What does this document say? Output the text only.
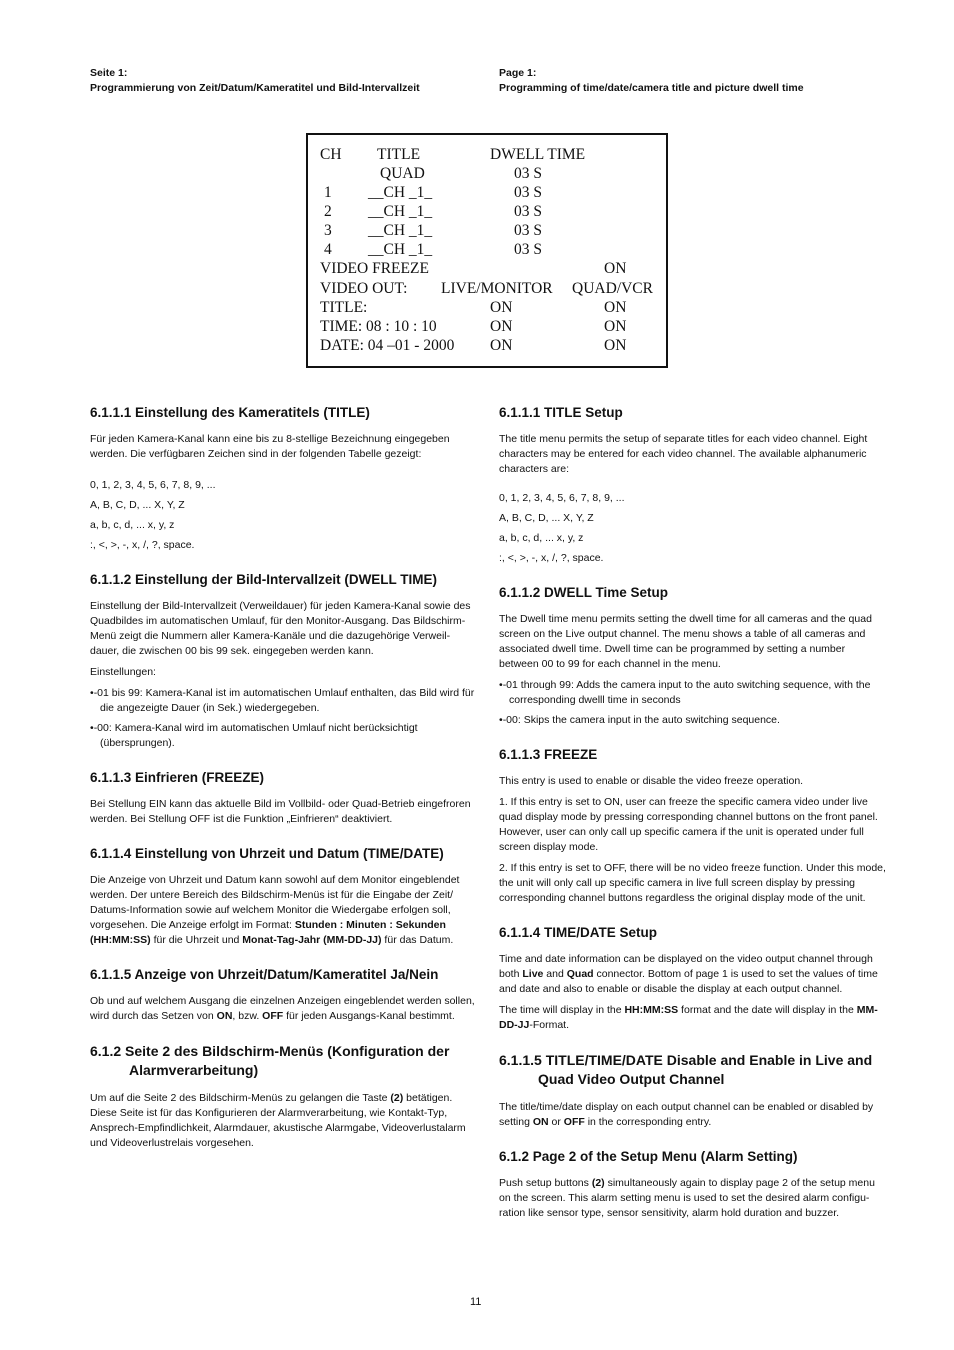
Seite 1:
Programmierung von Zeit/Datum/Kameratitel und Bild-Intervallzeit
Page 1:
Programming of time/date/camera title and picture dwell time
CH TITLE	DWELL TIME
QUAD	03 S
1 __CH _1_	03 S
2 __CH _1_	03 S
3 __CH _1_	03 S
4 __CH _1_	03 S
VIDEO FREEZE	ON
VIDEO OUT: LIVE/MONITOR QUAD/VCR
TITLE:	ON	ON
TIME: 08 : 10 : 10	ON	ON
DATE: 04 –01 - 2000 ON	ON
6.1.1.1 Einstellung des Kameratitels (TITLE)

Für jeden Kamera-Kanal kann eine bis zu 8-stellige Bezeichnung eingegeben werden. Die verfügbaren Zeichen sind in der folgenden Tabelle gezeigt:

0, 1, 2, 3, 4, 5, 6, 7, 8, 9, ...

A, B, C, D, ... X, Y, Z

a, b, c, d, ... x, y, z

:, <, >, -, x, /, ?, space.

6.1.1.2 Einstellung der Bild-Intervallzeit (DWELL TIME)

Einstellung der Bild-Intervallzeit (Verweildauer) für jeden Kamera-Kanal sowie des Quadbildes im automatischen Umlauf, für den Monitor-Ausgang. Das Bildschirm-Menü zeigt die Nummern aller Kamera-Kanäle und die dazugehörige Verweil-dauer, die zwischen 00 bis 99 sek. eingegeben werden kann.

Einstellungen:

• -01 bis 99: Kamera-Kanal ist im automatischen Umlauf enthalten, das Bild wird für die angezeigte Dauer (in Sek.) wiedergegeben.
• -00: Kamera-Kanal wird im automatischen Umlauf nicht berücksichtigt (übersprungen).
6.1.1.3 Einfrieren (FREEZE)

Bei Stellung EIN kann das aktuelle Bild im Vollbild- oder Quad-Betrieb eingefroren werden. Bei Stellung OFF ist die Funktion „Einfrieren“ deaktiviert.

6.1.1.4 Einstellung von Uhrzeit und Datum (TIME/DATE)

Die Anzeige von Uhrzeit und Datum kann sowohl auf dem Monitor eingeblendet werden. Der untere Bereich des Bildschirm-Menüs ist für die Eingabe der Zeit/ Datums-Information sowie auf welchem Monitor die Wiedergabe erfolgen soll, vorgesehen. Die Anzeige erfolgt im Format: Stunden : Minuten : Sekunden (HH:MM:SS) für die Uhrzeit und Monat-Tag-Jahr (MM-DD-JJ) für das Datum.

6.1.1.5 Anzeige von Uhrzeit/Datum/Kameratitel Ja/Nein

Ob und auf welchem Ausgang die einzelnen Anzeigen eingeblendet werden sollen, wird durch das Setzen von ON, bzw. OFF für jeden Ausgangs-Kanal bestimmt.

6.1.2 Seite 2 des Bildschirm-Menüs (Konfiguration der Alarmverarbeitung)

Um auf die Seite 2 des Bildschirm-Menüs zu gelangen die Taste (2) betätigen. Diese Seite ist für das Konfigurieren der Alarmverarbeitung, wie Kontakt-Typ, Ansprech-Empfindlichkeit, Alarmdauer, akustische Alarmgabe, Videoverlustalarm und Videoverlustrelais vorgesehen.

6.1.1.1 TITLE Setup

The title menu permits the setup of separate titles for each video channel. Eight characters may be entered for each video channel. The available alphanumeric characters are:

0, 1, 2, 3, 4, 5, 6, 7, 8, 9, ...

A, B, C, D, ... X, Y, Z

a, b, c, d, ... x, y, z

:, <, >, -, x, /, ?, space.

6.1.1.2 DWELL Time Setup

The Dwell time menu permits setting the dwell time for all cameras and the quad screen on the Live output channel. The menu shows a table of all cameras and associated dwell time. Dwell time can be programmed by setting a number between 00 to 99 for each channel in the menu.

• -01 through 99: Adds the camera input to the auto switching sequence, with the corresponding dwelll time in seconds
• -00: Skips the camera input in the auto switching sequence.
6.1.1.3 FREEZE

This entry is used to enable or disable the video freeze operation.

1. If this entry is set to ON, user can freeze the specific camera video under live quad display mode by pressing corresponding channel buttons on the front panel. However, user can only call up specific camera if the unit is operated under full screen display mode.

2. If this entry is set to OFF, there will be no video freeze function. Under this mode, the unit will only call up specific camera in live full screen display by pressing corresponding channel buttons regardless the original display mode of the unit.

6.1.1.4 TIME/DATE Setup

Time and date information can be displayed on the video output channel through both Live and Quad connector. Bottom of page 1 is used to set the values of time and date and also to enable or disable the display at each output channel.

The time will display in the HH:MM:SS format and the date will display in the MM-DD-JJ-Format.

6.1.1.5 TITLE/TIME/DATE Disable and Enable in Live and Quad Video Output Channel

The title/time/date display on each output channel can be enabled or disabled by setting ON or OFF in the corresponding entry.

6.1.2 Page 2 of the Setup Menu (Alarm Setting)

Push setup buttons (2) simultaneously again to display page 2 of the setup menu on the screen. This alarm setting menu is used to set the desired alarm configu-ration like sensor type, sensor sensitivity, alarm hold duration and buzzer.

11
